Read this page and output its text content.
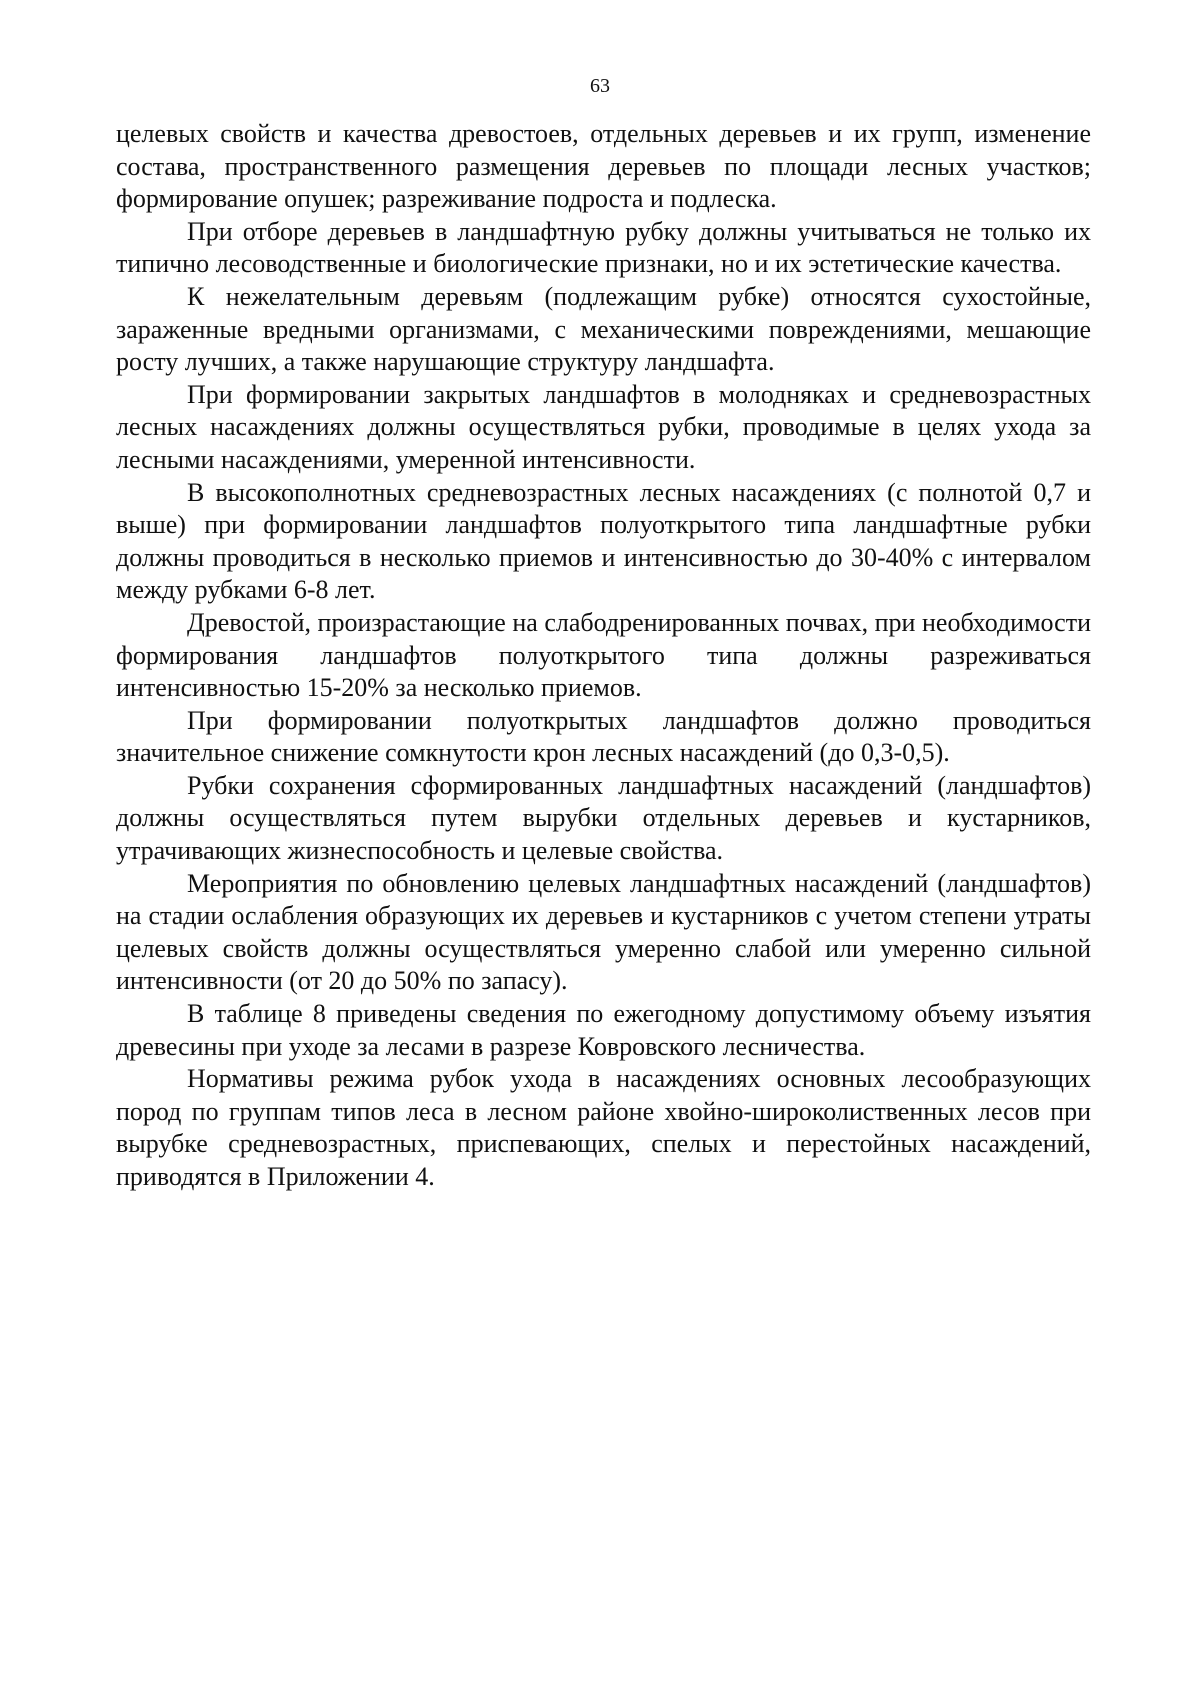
63

целевых свойств и качества древостоев, отдельных деревьев и их групп, изменение состава, пространственного размещения деревьев по площади лесных участков; формирование опушек; разреживание подроста и подлеска.

При отборе деревьев в ландшафтную рубку должны учитываться не только их типично лесоводственные и биологические признаки, но и их эстетические качества.

К нежелательным деревьям (подлежащим рубке) относятся сухостойные, зараженные вредными организмами, с механическими повреждениями, мешающие росту лучших, а также нарушающие структуру ландшафта.

При формировании закрытых ландшафтов в молодняках и средневозрастных лесных насаждениях должны осуществляться рубки, проводимые в целях ухода за лесными насаждениями, умеренной интенсивности.

В высокополнотных средневозрастных лесных насаждениях (с полнотой 0,7 и выше) при формировании ландшафтов полуоткрытого типа ландшафтные рубки должны проводиться в несколько приемов и интенсивностью до 30-40% с интервалом между рубками 6-8 лет.

Древостой, произрастающие на слабодренированных почвах, при необходимости формирования ландшафтов полуоткрытого типа должны разреживаться интенсивностью 15-20% за несколько приемов.

При формировании полуоткрытых ландшафтов должно проводиться значительное снижение сомкнутости крон лесных насаждений (до 0,3-0,5).

Рубки сохранения сформированных ландшафтных насаждений (ландшафтов) должны осуществляться путем вырубки отдельных деревьев и кустарников, утрачивающих жизнеспособность и целевые свойства.

Мероприятия по обновлению целевых ландшафтных насаждений (ландшафтов) на стадии ослабления образующих их деревьев и кустарников с учетом степени утраты целевых свойств должны осуществляться умеренно слабой или умеренно сильной интенсивности (от 20 до 50% по запасу).

В таблице 8 приведены сведения по ежегодному допустимому объему изъятия древесины при уходе за лесами в разрезе Ковровского лесничества.

Нормативы режима рубок ухода в насаждениях основных лесообразующих пород по группам типов леса в лесном районе хвойно-широколиственных лесов при вырубке средневозрастных, приспевающих, спелых и перестойных насаждений, приводятся в Приложении 4.
